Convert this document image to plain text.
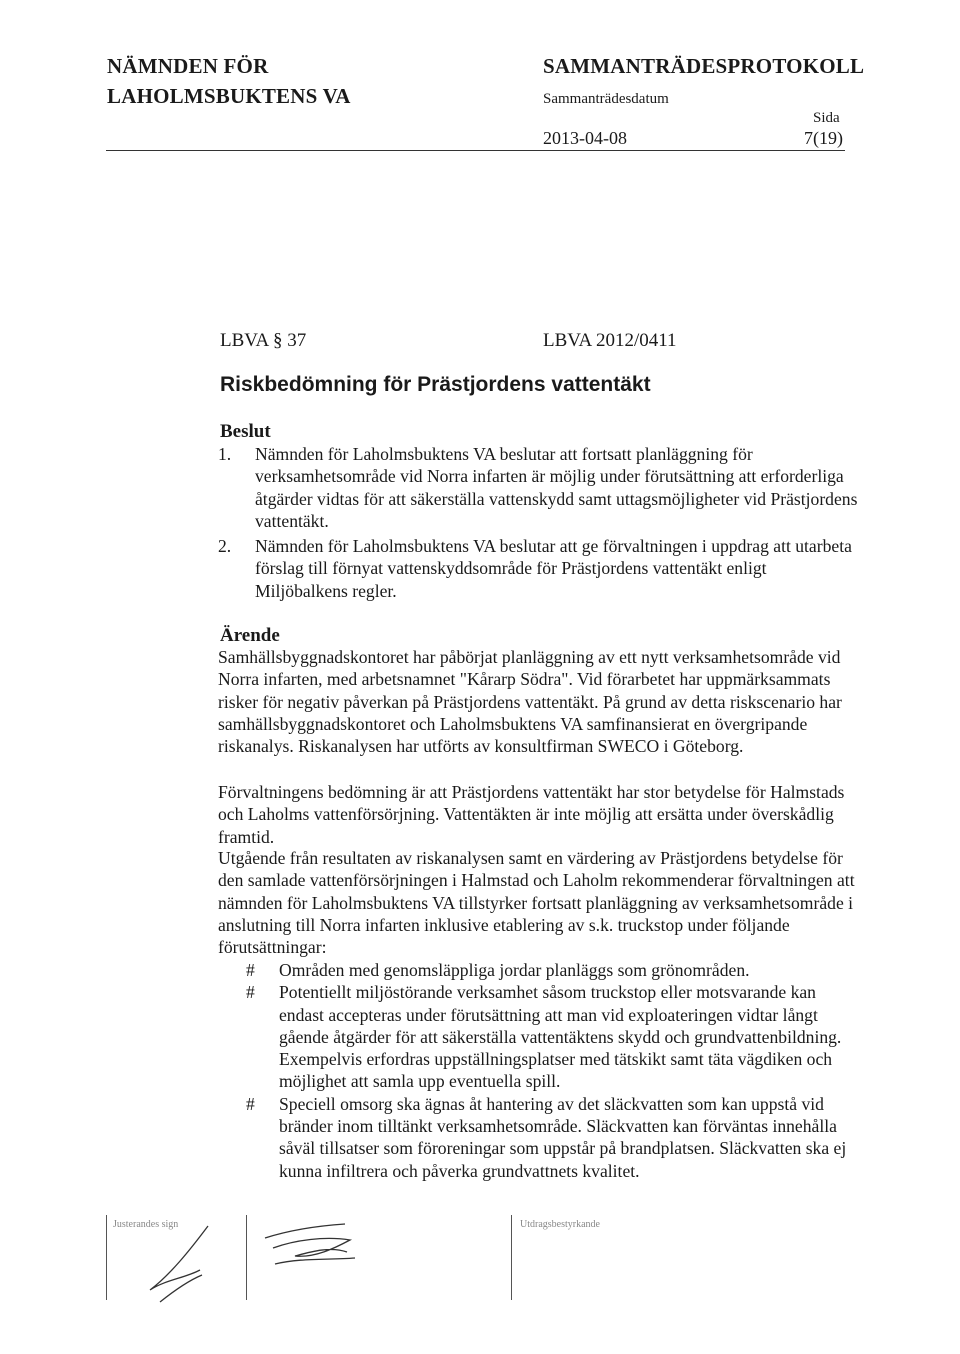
NÄMNDEN FÖR
LAHOLMSBUKTENS VA
SAMMANTRÄDESPROTOKOLL
Sammanträdesdatum
Sida
2013-04-08	7(19)
LBVA § 37	LBVA 2012/0411
Riskbedömning för Prästjordens vattentäkt
Beslut
1.	Nämnden för Laholmsbuktens VA beslutar att fortsatt planläggning för verksamhetsområde vid Norra infarten är möjlig under förutsättning att erforderliga åtgärder vidtas för att säkerställa vattenskydd samt uttagsmöjligheter vid Prästjordens vattentäkt.
2.	Nämnden för Laholmsbuktens VA beslutar att ge förvaltningen i uppdrag att utarbeta förslag till förnyat vattenskyddsområde för Prästjordens vattentäkt enligt Miljöbalkens regler.
Ärende
Samhällsbyggnadskontoret har påbörjat planläggning av ett nytt verksamhetsområde vid Norra infarten, med arbetsnamnet "Kårarp Södra". Vid förarbetet har uppmärksammats risker för negativ påverkan på Prästjordens vattentäkt. På grund av detta riskscenario har samhällsbyggnadskontoret och Laholmsbuktens VA samfinansierat en övergripande riskanalys. Riskanalysen har utförts av konsultfirman SWECO i Göteborg.
Förvaltningens bedömning är att Prästjordens vattentäkt har stor betydelse för Halmstads och Laholms vattenförsörjning. Vattentäkten är inte möjlig att ersätta under överskådlig framtid.
Utgående från resultaten av riskanalysen samt en värdering av Prästjordens betydelse för den samlade vattenförsörjningen i Halmstad och Laholm rekommenderar förvaltningen att nämnden för Laholmsbuktens VA tillstyrker fortsatt planläggning av verksamhetsområde i anslutning till Norra infarten inklusive etablering av s.k. truckstop under följande förutsättningar:
#	Områden med genomsläppliga jordar planläggs som grönområden.
#	Potentiellt miljöstörande verksamhet såsom truckstop eller motsvarande kan endast accepteras under förutsättning att man vid exploateringen vidtar långt gående åtgärder för att säkerställa vattentäktens skydd och grundvattenbildning. Exempelvis erfordras uppställningsplatser med tätskikt samt täta vägdiken och möjlighet att samla upp eventuella spill.
#	Speciell omsorg ska ägnas åt hantering av det släckvatten som kan uppstå vid bränder inom tilltänkt verksamhetsområde. Släckvatten kan förväntas innehålla såväl tillsatser som föroreningar som uppstår på brandplatsen. Släckvatten ska ej kunna infiltrera och påverka grundvattnets kvalitet.
Justerandes sign	Utdragsbestyrkande
